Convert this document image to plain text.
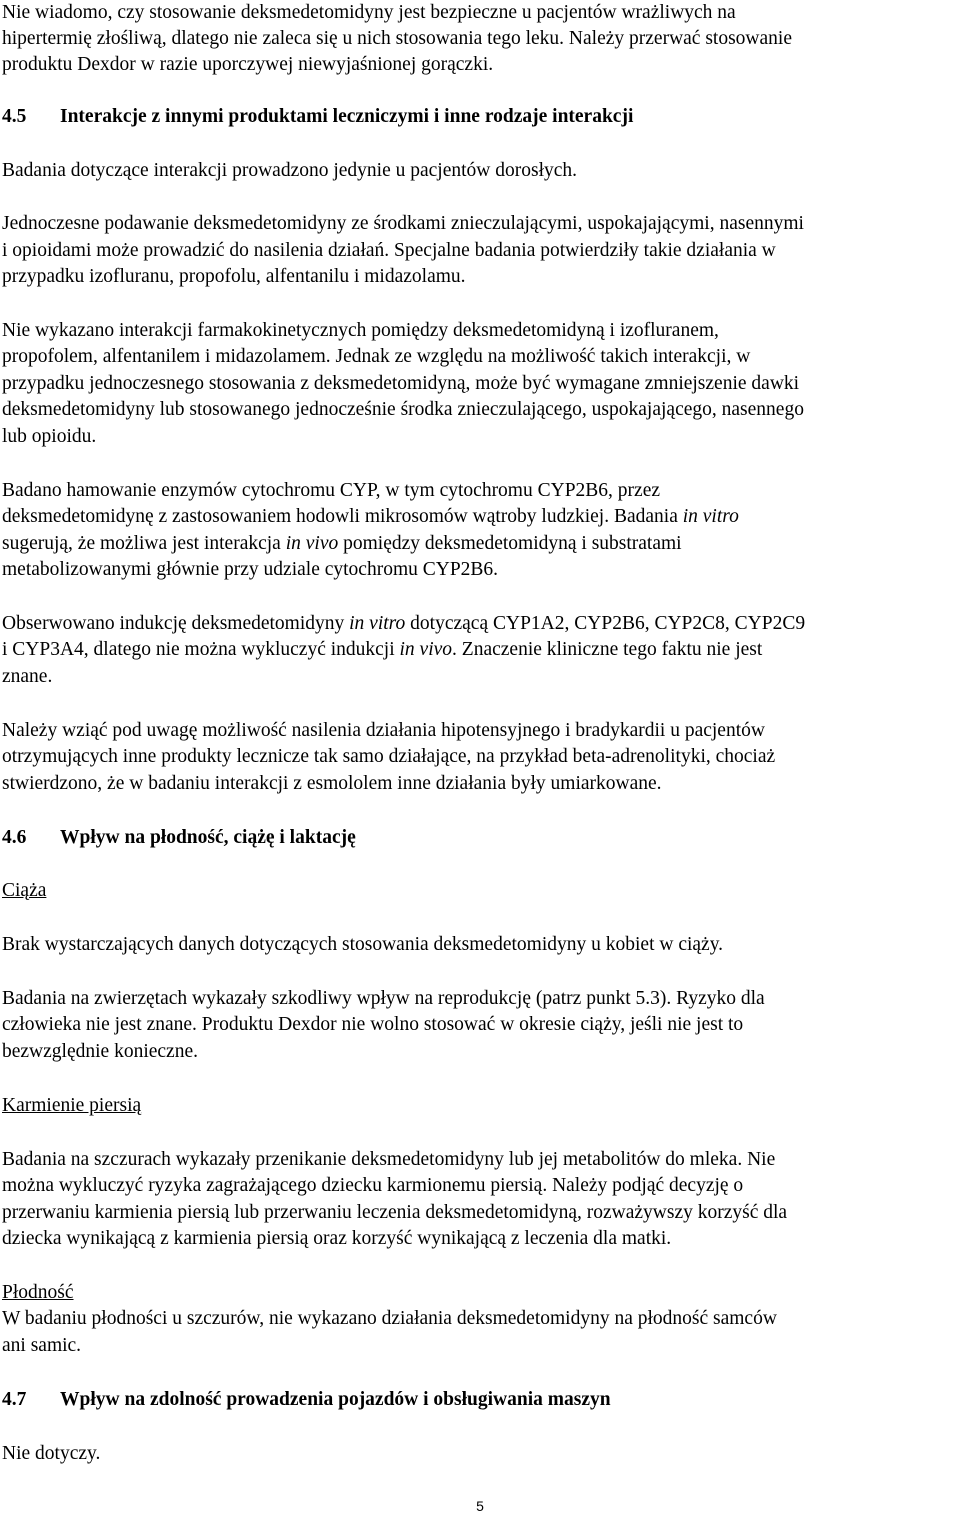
Nie wiadomo, czy stosowanie deksmedetomidyny jest bezpieczne u pacjentów wrażliwych na

hipertermię złośliwą, dlatego nie zaleca się u nich stosowania tego leku. Należy przerwać stosowanie

produktu Dexdor w razie uporczywej niewyjaśnionej gorączki.

4.5 Interakcje z innymi produktami leczniczymi i inne rodzaje interakcji

Badania dotyczące interakcji prowadzono jedynie u pacjentów dorosłych.

Jednoczesne podawanie deksmedetomidyny ze środkami znieczulającymi, uspokajającymi, nasennymi

i opioidami może prowadzić do nasilenia działań. Specjalne badania potwierdziły takie działania w

przypadku izofluranu, propofolu, alfentanilu i midazolamu.

Nie wykazano interakcji farmakokinetycznych pomiędzy deksmedetomidyną i izofluranem,

propofolem, alfentanilem i midazolamem. Jednak ze względu na możliwość takich interakcji, w

przypadku jednoczesnego stosowania z deksmedetomidyną, może być wymagane zmniejszenie dawki

deksmedetomidyny lub stosowanego jednocześnie środka znieczulającego, uspokajającego, nasennego

lub opioidu.

Badano hamowanie enzymów cytochromu CYP, w tym cytochromu CYP2B6, przez

deksmedetomidynę z zastosowaniem hodowli mikrosomów wątroby ludzkiej. Badania in vitro

sugerują, że możliwa jest interakcja in vivo pomiędzy deksmedetomidyną i substratami

metabolizowanymi głównie przy udziale cytochromu CYP2B6.

Obserwowano indukcję deksmedetomidyny in vitro dotyczącą CYP1A2, CYP2B6, CYP2C8, CYP2C9

i CYP3A4, dlatego nie można wykluczyć indukcji in vivo. Znaczenie kliniczne tego faktu nie jest

znane.

Należy wziąć pod uwagę możliwość nasilenia działania hipotensyjnego i bradykardii u pacjentów

otrzymujących inne produkty lecznicze tak samo działające, na przykład beta-adrenolityki, chociaż

stwierdzono, że w badaniu interakcji z esmololem inne działania były umiarkowane.

4.6 Wpływ na płodność, ciążę i laktację

Ciąża

Brak wystarczających danych dotyczących stosowania deksmedetomidyny u kobiet w ciąży.

Badania na zwierzętach wykazały szkodliwy wpływ na reprodukcję (patrz punkt 5.3). Ryzyko dla

człowieka nie jest znane. Produktu Dexdor nie wolno stosować w okresie ciąży, jeśli nie jest to

bezwzględnie konieczne.

Karmienie piersią

Badania na szczurach wykazały przenikanie deksmedetomidyny lub jej metabolitów do mleka. Nie

można wykluczyć ryzyka zagrażającego dziecku karmionemu piersią. Należy podjąć decyzję o

przerwaniu karmienia piersią lub przerwaniu leczenia deksmedetomidyną, rozważywszy korzyść dla

dziecka wynikającą z karmienia piersią oraz korzyść wynikającą z leczenia dla matki.

Płodność

W badaniu płodności u szczurów, nie wykazano działania deksmedetomidyny na płodność samców

ani samic.

4.7 Wpływ na zdolność prowadzenia pojazdów i obsługiwania maszyn

Nie dotyczy.

5
